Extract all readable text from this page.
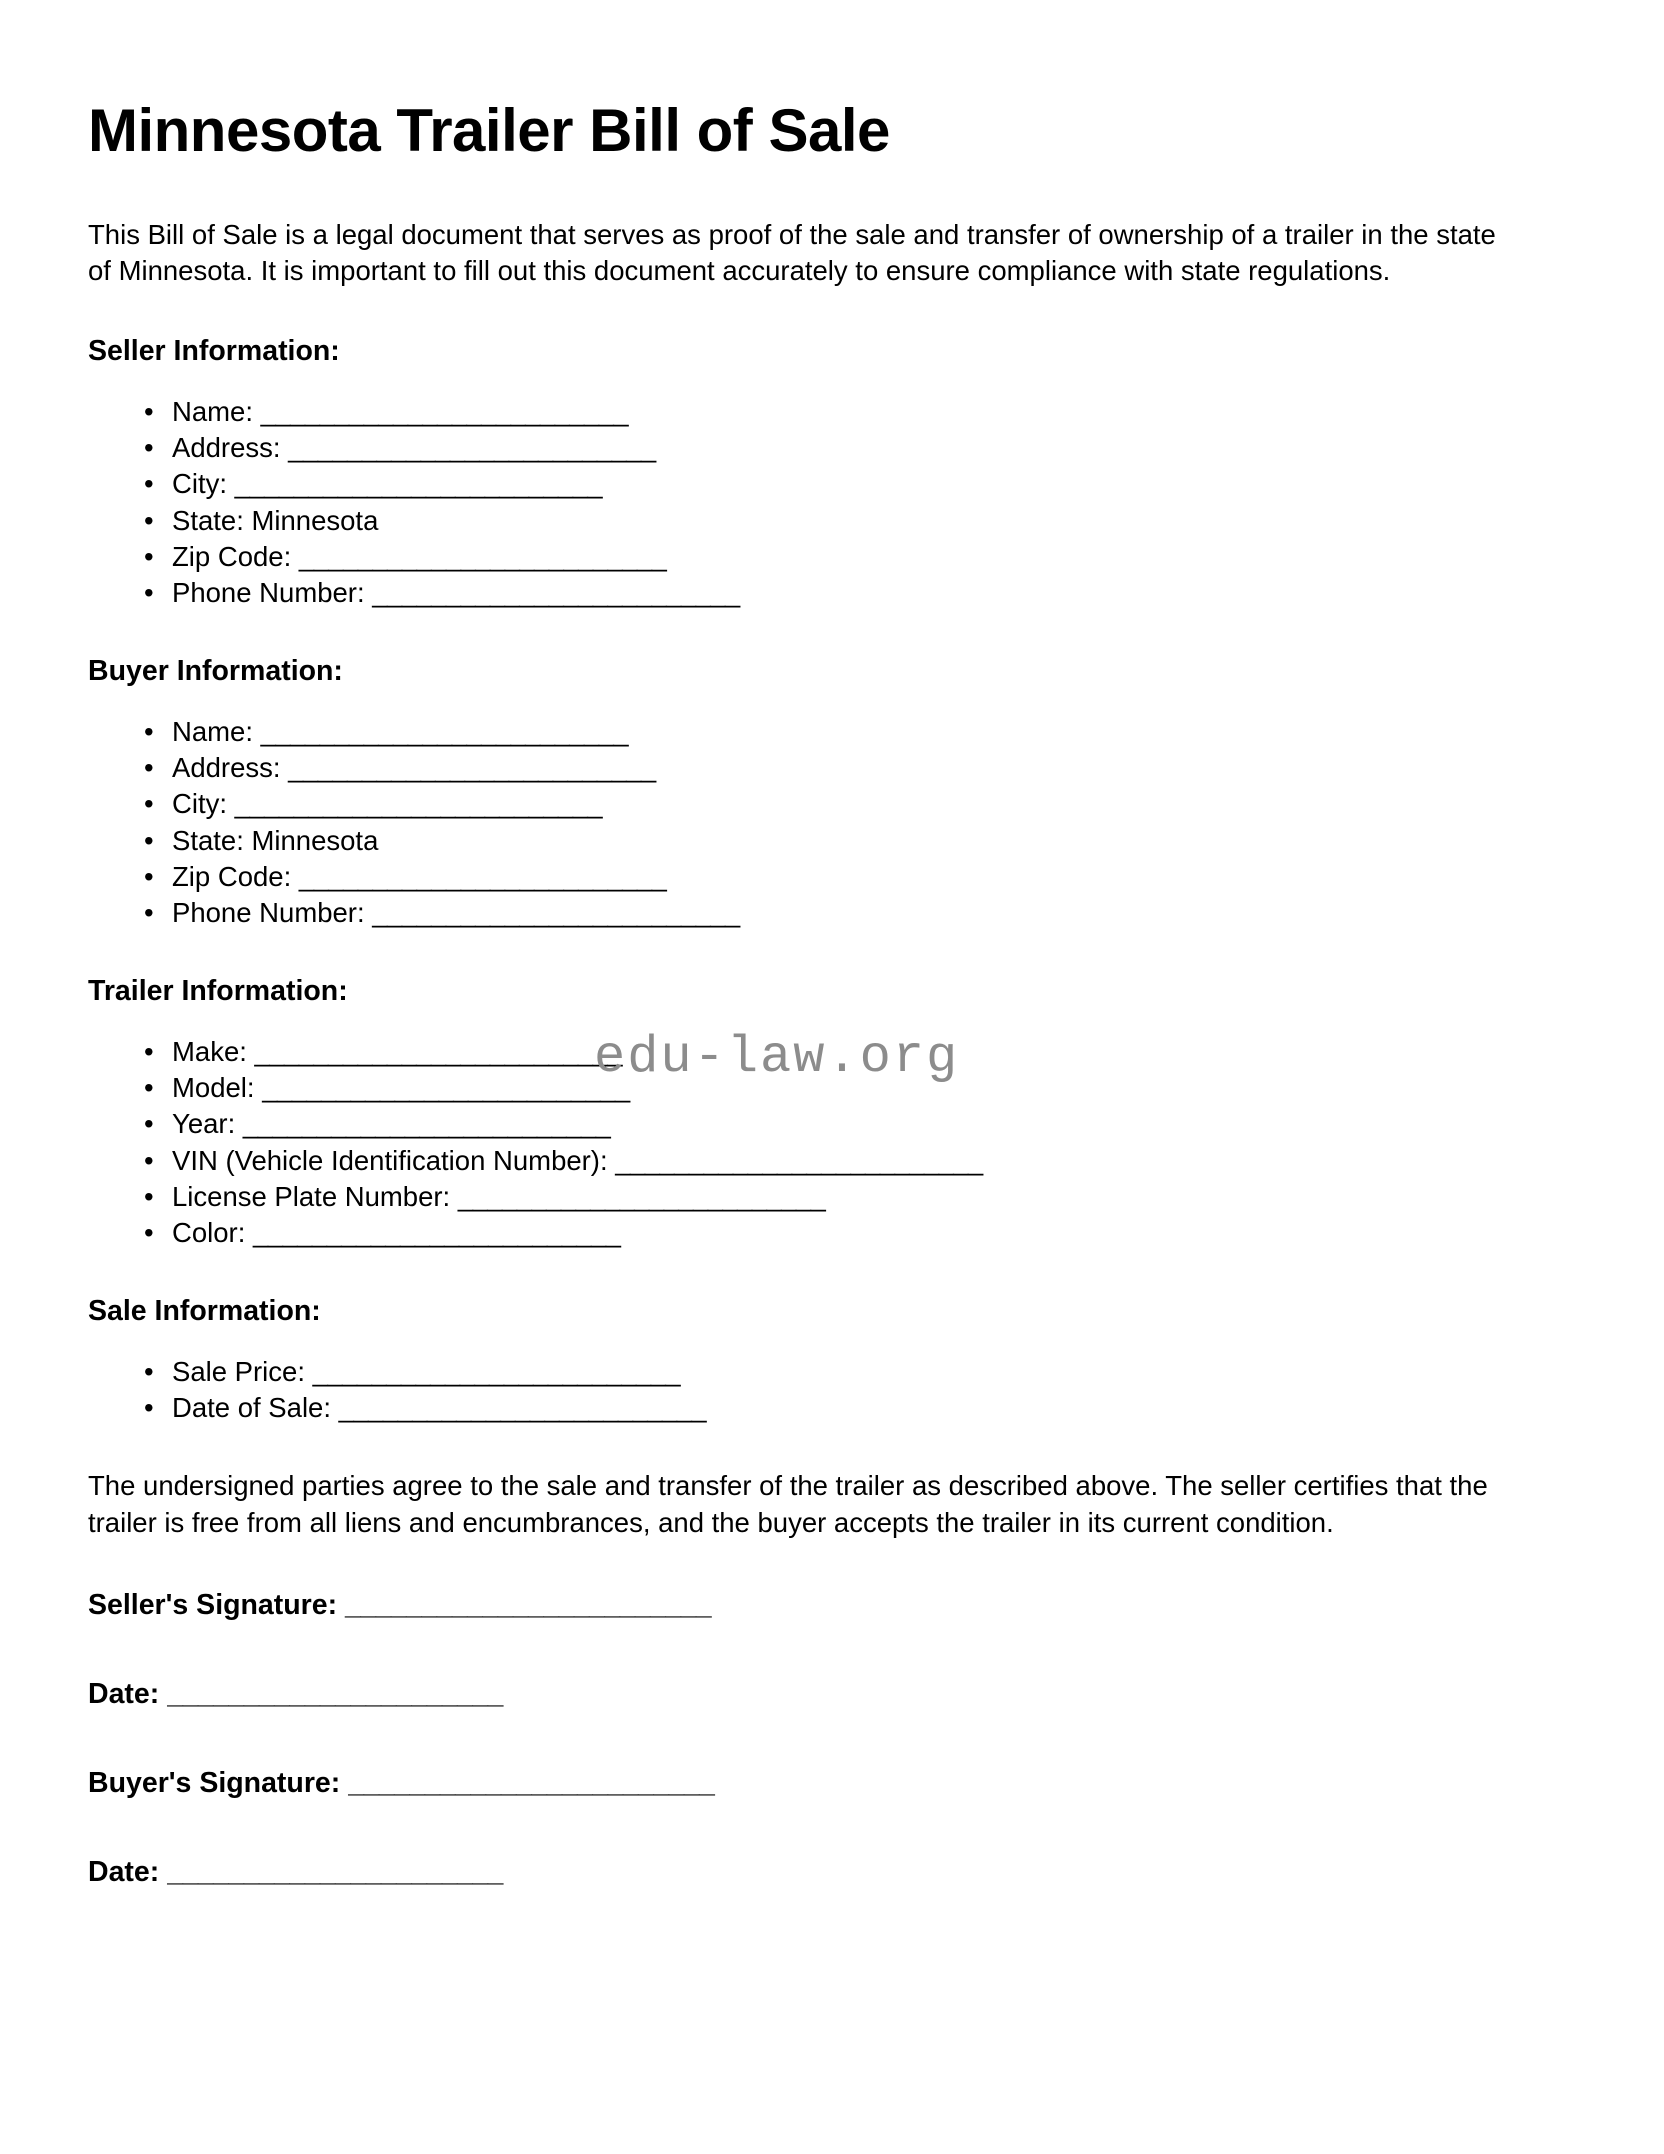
Minnesota Trailer Bill of Sale

This Bill of Sale is a legal document that serves as proof of the sale and transfer of ownership of a trailer in the state of Minnesota. It is important to fill out this document accurately to ensure compliance with state regulations.

Seller Information:
• Name: _________________________
• Address: _________________________
• City: _________________________
• State: Minnesota
• Zip Code: _________________________
• Phone Number: _________________________
Buyer Information:
• Name: _________________________
• Address: _________________________
• City: _________________________
• State: Minnesota
• Zip Code: _________________________
• Phone Number: _________________________
Trailer Information:
• Make: _________________________
• Model: _________________________
• Year: _________________________
• VIN (Vehicle Identification Number): _________________________
• License Plate Number: _________________________
• Color: _________________________
Sale Information:
• Sale Price: _________________________
• Date of Sale: _________________________

The undersigned parties agree to the sale and transfer of the trailer as described above. The seller certifies that the trailer is free from all liens and encumbrances, and the buyer accepts the trailer in its current condition.

Seller's Signature: ________________________
Date: ______________________
Buyer's Signature: ________________________
Date: ______________________
edu-law.org
